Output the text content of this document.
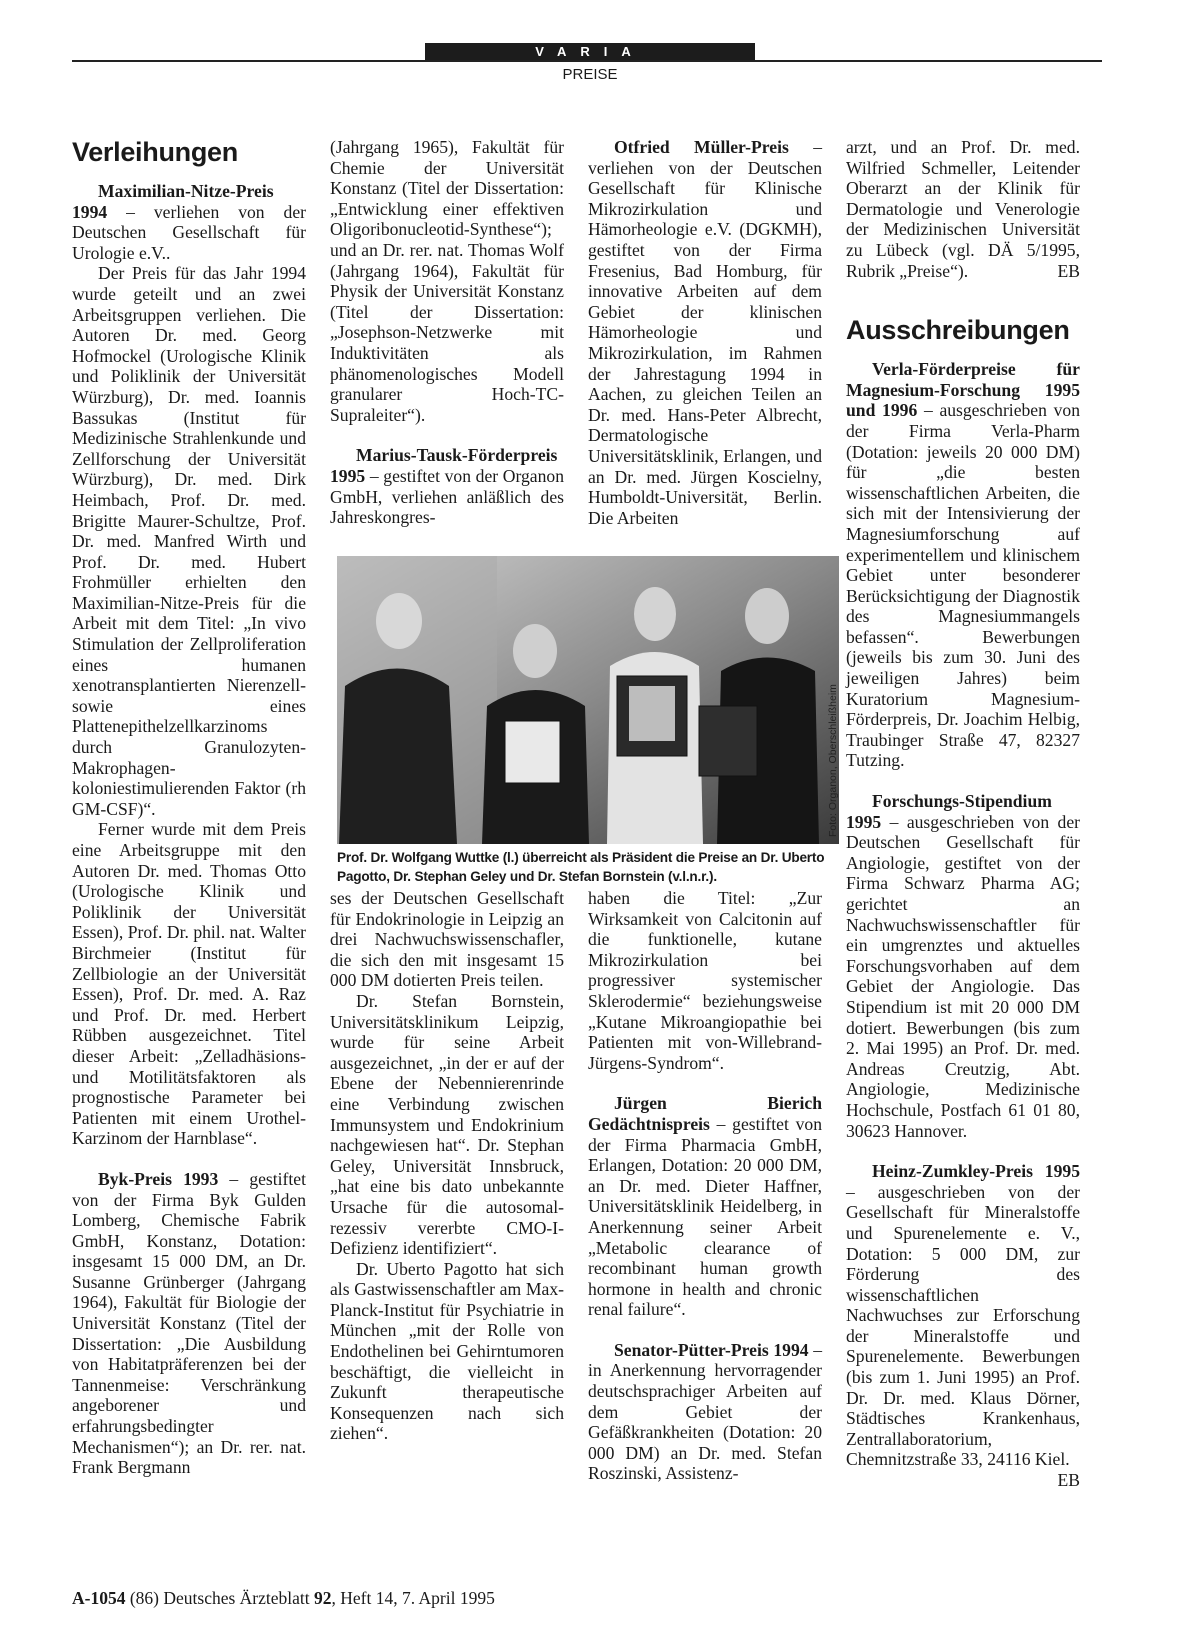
VARIA
PREISE
Verleihungen

Maximilian-Nitze-Preis 1994 – verliehen von der Deutschen Gesellschaft für Urologie e.V..

Der Preis für das Jahr 1994 wurde geteilt und an zwei Arbeitsgruppen verliehen. Die Autoren Dr. med. Georg Hofmockel (Urologische Klinik und Poliklinik der Universität Würzburg), Dr. med. Ioannis Bassukas (Institut für Medizinische Strahlenkunde und Zellforschung der Universität Würzburg), Dr. med. Dirk Heimbach, Prof. Dr. med. Brigitte Maurer-Schultze, Prof. Dr. med. Manfred Wirth und Prof. Dr. med. Hubert Frohmüller erhielten den Maximilian-Nitze-Preis für die Arbeit mit dem Titel: „In vivo Stimulation der Zellproliferation eines humanen xenotransplantierten Nierenzell- sowie eines Plattenepithelzellkarzinoms durch Granulozyten-Makrophagen-koloniestimulierenden Faktor (rh GM-CSF)“.

Ferner wurde mit dem Preis eine Arbeitsgruppe mit den Autoren Dr. med. Thomas Otto (Urologische Klinik und Poliklinik der Universität Essen), Prof. Dr. phil. nat. Walter Birchmeier (Institut für Zellbiologie an der Universität Essen), Prof. Dr. med. A. Raz und Prof. Dr. med. Herbert Rübben ausgezeichnet. Titel dieser Arbeit: „Zelladhäsions- und Motilitätsfaktoren als prognostische Parameter bei Patienten mit einem Urothel-Karzinom der Harnblase“.

Byk-Preis 1993 – gestiftet von der Firma Byk Gulden Lomberg, Chemische Fabrik GmbH, Konstanz, Dotation: insgesamt 15 000 DM, an Dr. Susanne Grünberger (Jahrgang 1964), Fakultät für Biologie der Universität Konstanz (Titel der Dissertation: „Die Ausbildung von Habitatpräferenzen bei der Tannenmeise: Verschränkung angeborener und erfahrungsbedingter Mechanismen“); an Dr. rer. nat. Frank Bergmann

(Jahrgang 1965), Fakultät für Chemie der Universität Konstanz (Titel der Dissertation: „Entwicklung einer effektiven Oligoribonucleotid-Synthese“); und an Dr. rer. nat. Thomas Wolf (Jahrgang 1964), Fakultät für Physik der Universität Konstanz (Titel der Dissertation: „Josephson-Netzwerke mit Induktivitäten als phänomenologisches Modell granularer Hoch-TC-Supraleiter“).

Marius-Tausk-Förderpreis 1995 – gestiftet von der Organon GmbH, verliehen anläßlich des Jahreskongres-

Otfried Müller-Preis – verliehen von der Deutschen Gesellschaft für Klinische Mikrozirkulation und Hämorheologie e.V. (DGKMH), gestiftet von der Firma Fresenius, Bad Homburg, für innovative Arbeiten auf dem Gebiet der klinischen Hämorheologie und Mikrozirkulation, im Rahmen der Jahrestagung 1994 in Aachen, zu gleichen Teilen an Dr. med. Hans-Peter Albrecht, Dermatologische Universitätsklinik, Erlangen, und an Dr. med. Jürgen Koscielny, Humboldt-Universität, Berlin. Die Arbeiten

arzt, und an Prof. Dr. med. Wilfried Schmeller, Leitender Oberarzt an der Klinik für Dermatologie und Venerologie der Medizinischen Universität zu Lübeck (vgl. DÄ 5/1995, Rubrik „Preise“).	EB

Ausschreibungen

Verla-Förderpreise für Magnesium-Forschung 1995 und 1996 – ausgeschrieben von der Firma Verla-Pharm (Dotation: jeweils 20 000 DM) für „die besten wissenschaftlichen Arbeiten, die sich mit der Intensivierung der Magnesiumforschung auf experimentellem und klinischem Gebiet unter besonderer Berücksichtigung der Diagnostik des Magnesiummangels befassen“. Bewerbungen (jeweils bis zum 30. Juni des jeweiligen Jahres) beim Kuratorium Magnesium-Förderpreis, Dr. Joachim Helbig, Traubinger Straße 47, 82327 Tutzing.

Forschungs-Stipendium 1995 – ausgeschrieben von der Deutschen Gesellschaft für Angiologie, gestiftet von der Firma Schwarz Pharma AG; gerichtet an Nachwuchswissenschaftler für ein umgrenztes und aktuelles Forschungsvorhaben auf dem Gebiet der Angiologie. Das Stipendium ist mit 20 000 DM dotiert. Bewerbungen (bis zum 2. Mai 1995) an Prof. Dr. med. Andreas Creutzig, Abt. Angiologie, Medizinische Hochschule, Postfach 61 01 80, 30623 Hannover.

Heinz-Zumkley-Preis 1995 – ausgeschrieben von der Gesellschaft für Mineralstoffe und Spurenelemente e. V., Dotation: 5 000 DM, zur Förderung des wissenschaftlichen Nachwuchses zur Erforschung der Mineralstoffe und Spurenelemente. Bewerbungen (bis zum 1. Juni 1995) an Prof. Dr. Dr. med. Klaus Dörner, Städtisches Krankenhaus, Zentrallaboratorium, Chemnitzstraße 33, 24116 Kiel.
EB

Foto: Organon, Oberschleißheim
Prof. Dr. Wolfgang Wuttke (l.) überreicht als Präsident die Preise an Dr. Uberto Pagotto, Dr. Stephan Geley und Dr. Stefan Bornstein (v.l.n.r.).

ses der Deutschen Gesellschaft für Endokrinologie in Leipzig an drei Nachwuchswissenschafler, die sich den mit insgesamt 15 000 DM dotierten Preis teilen.

Dr. Stefan Bornstein, Universitätsklinikum Leipzig, wurde für seine Arbeit ausgezeichnet, „in der er auf der Ebene der Nebennierenrinde eine Verbindung zwischen Immunsystem und Endokrinium nachgewiesen hat“. Dr. Stephan Geley, Universität Innsbruck, „hat eine bis dato unbekannte Ursache für die autosomal-rezessiv vererbte CMO-I-Defizienz identifiziert“.

Dr. Uberto Pagotto hat sich als Gastwissenschaftler am Max-Planck-Institut für Psychiatrie in München „mit der Rolle von Endothelinen bei Gehirntumoren beschäftigt, die vielleicht in Zukunft therapeutische Konsequenzen nach sich ziehen“.

haben die Titel: „Zur Wirksamkeit von Calcitonin auf die funktionelle, kutane Mikrozirkulation bei progressiver systemischer Sklerodermie“ beziehungsweise „Kutane Mikroangiopathie bei Patienten mit von-Willebrand-Jürgens-Syndrom“.

Jürgen Bierich Gedächtnispreis – gestiftet von der Firma Pharmacia GmbH, Erlangen, Dotation: 20 000 DM, an Dr. med. Dieter Haffner, Universitätsklinik Heidelberg, in Anerkennung seiner Arbeit „Metabolic clearance of recombinant human growth hormone in health and chronic renal failure“.

Senator-Pütter-Preis 1994 – in Anerkennung hervorragender deutschsprachiger Arbeiten auf dem Gebiet der Gefäßkrankheiten (Dotation: 20 000 DM) an Dr. med. Stefan Roszinski, Assistenz-

A-1054 (86) Deutsches Ärzteblatt 92, Heft 14, 7. April 1995
